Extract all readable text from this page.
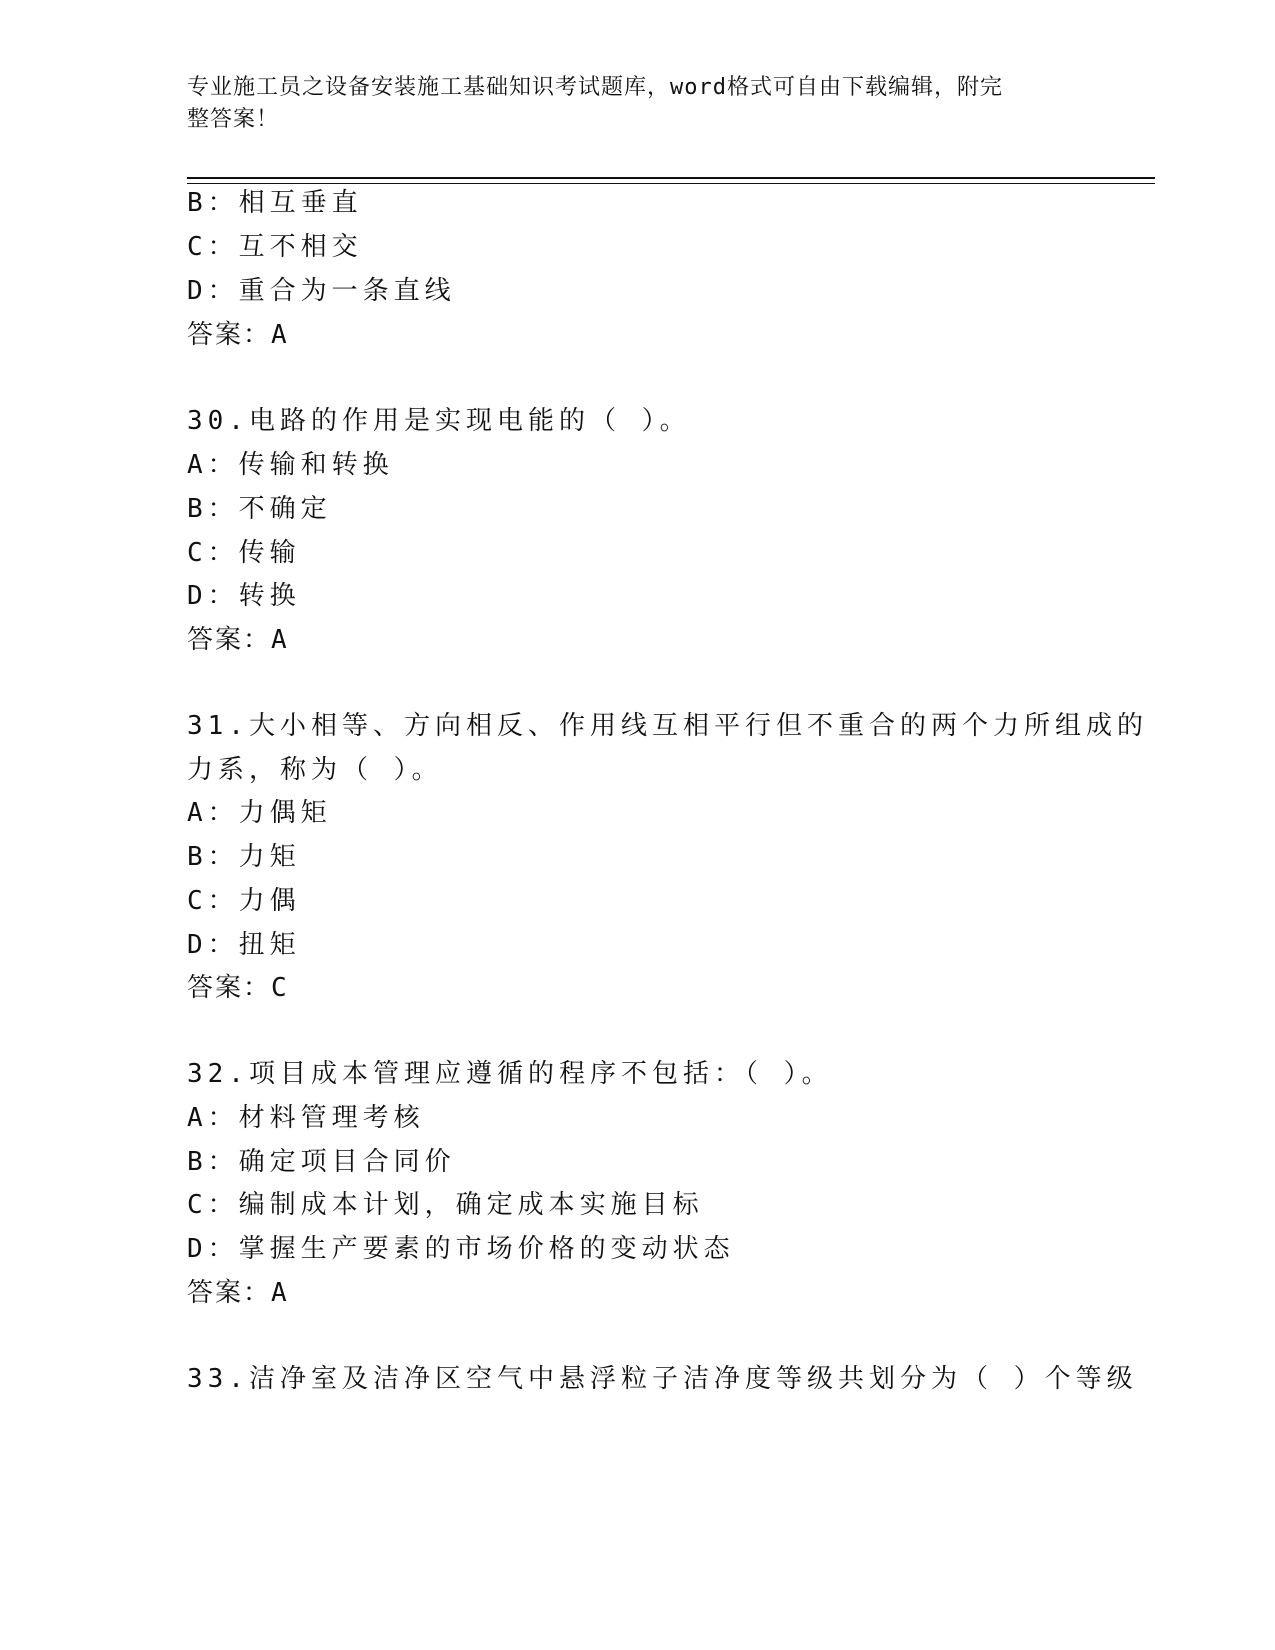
专业施工员之设备安装施工基础知识考试题库，word格式可自由下载编辑，附完
整答案！
B：相互垂直
C：互不相交
D：重合为一条直线
答案：A
30.电路的作用是实现电能的（ ）。
A：传输和转换
B：不确定
C：传输
D：转换
答案：A
31.大小相等、方向相反、作用线互相平行但不重合的两个力所组成的
力系，称为（ ）。
A：力偶矩
B：力矩
C：力偶
D：扭矩
答案：C
32.项目成本管理应遵循的程序不包括：（ ）。
A：材料管理考核
B：确定项目合同价
C：编制成本计划，确定成本实施目标
D：掌握生产要素的市场价格的变动状态
答案：A
33.洁净室及洁净区空气中悬浮粒子洁净度等级共划分为（ ）个等级
